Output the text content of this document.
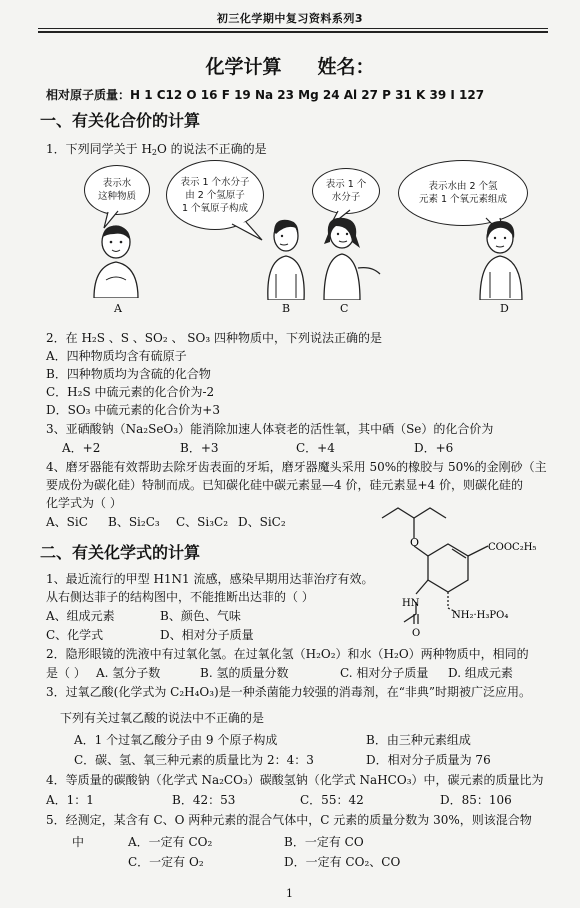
初三化学期中复习资料系列3
化学计算 姓名：
相对原子质量：H 1 C12 O 16 F 19 Na 23 Mg 24 Al 27 P 31 K 39 I 127
一、有关化合价的计算
1．下列同学关于 $H_2O$ 的说法不正确的是
表示水
这种物质
表示 1 个水分子
由 2 个氢原子
1 个氧原子构成
表示 1 个
水分子
表示水由 2 个氢
元素 1 个氧元素组成
A	B	C	D
2．在 H₂S 、S 、SO₂ 、 SO₃ 四种物质中，下列说法正确的是
A．四种物质均含有硫原子
B．四种物质均为含硫的化合物
C．H₂S 中硫元素的化合价为-2
D．SO₃ 中硫元素的化合价为+3
3、亚硒酸钠（Na₂SeO₃）能消除加速人体衰老的活性氧，其中硒（Se）的化合价为
A．+2	B．+3	C．+4	D．+6
4、磨牙器能有效帮助去除牙齿表面的牙垢，磨牙器魔头采用 50%的橡胶与 50%的金刚砂（主
要成份为碳化硅）特制而成。已知碳化硅中碳元素显—4 价，硅元素显+4 价，则碳化硅的
化学式为（ ）
A、SiC B、Si₂C₃ C、Si₃C₂ D、SiC₂
O	COOC₂H₅
HN
O
NH₂·H₃PO₄
二、有关化学式的计算
1、最近流行的甲型 H1N1 流感，感染早期用达菲治疗有效。
从右侧达菲子的结构图中，不能推断出达菲的（ ）
A、组成元素	B、颜色、气味
C、化学式	D、相对分子质量
2．隐形眼镜的洗液中有过氧化氢。在过氧化氢（H₂O₂）和水（H₂O）两种物质中，相同的
是（ ） A. 氢分子数	B. 氢的质量分数	C. 相对分子质量 D. 组成元素
3．过氧乙酸(化学式为 C₂H₄O₃)是一种杀菌能力较强的消毒剂，在“非典”时期被广泛应用。
下列有关过氧乙酸的说法中不正确的是
A．1 个过氧乙酸分子由 9 个原子构成	B．由三种元素组成
C．碳、氢、氧三种元素的质量比为 2：4：3	D．相对分子质量为 76
4．等质量的碳酸钠（化学式 Na₂CO₃）碳酸氢钠（化学式 NaHCO₃）中，碳元素的质量比为
A．1：1	B．42：53	C．55：42	D．85：106
5．经测定，某含有 C、O 两种元素的混合气体中，C 元素的质量分数为 30%，则该混合物
中	A．一定有 CO₂	B．一定有 CO
C．一定有 O₂	D．一定有 CO₂、CO
1
